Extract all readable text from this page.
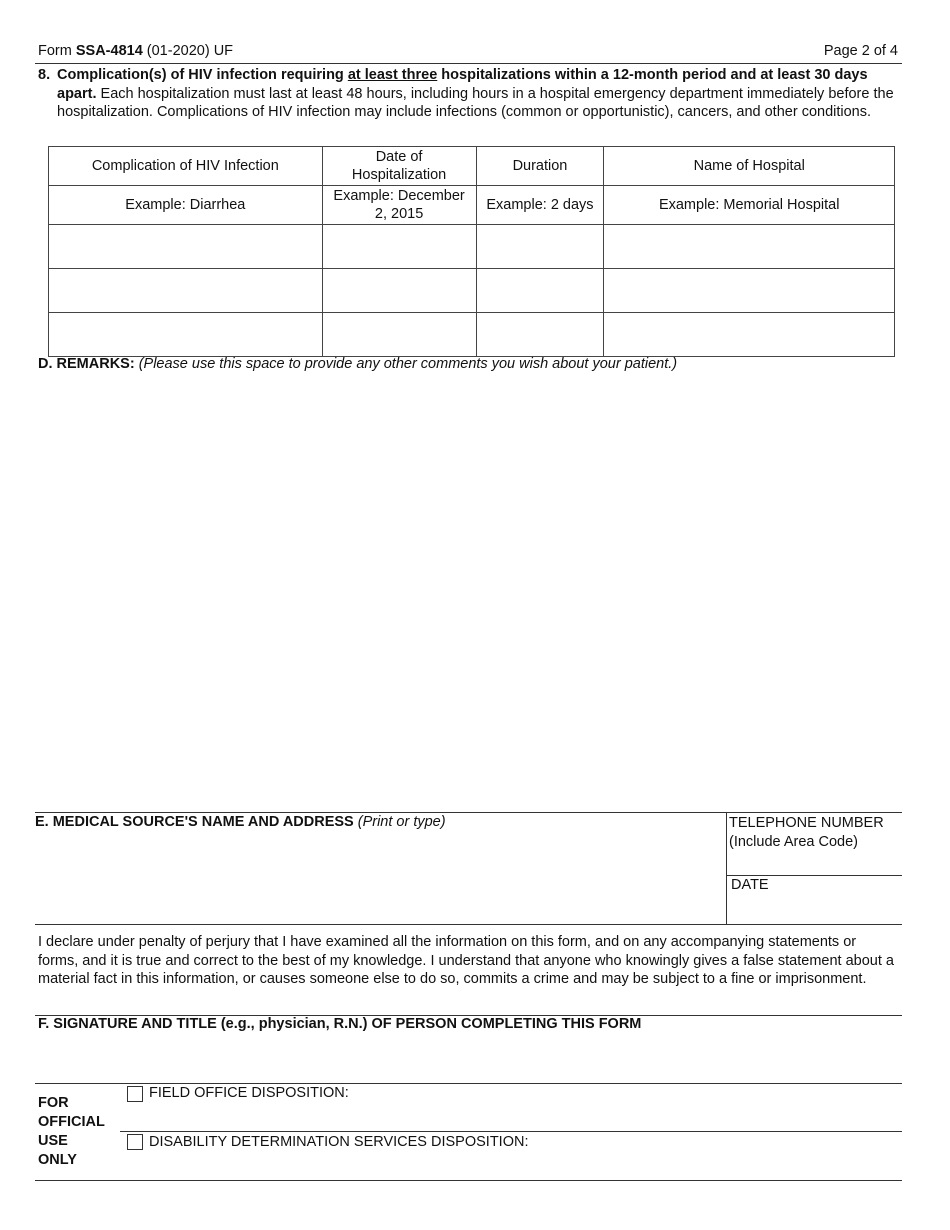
Form SSA-4814 (01-2020) UF	Page 2 of 4
8. Complication(s) of HIV infection requiring at least three hospitalizations within a 12-month period and at least 30 days apart. Each hospitalization must last at least 48 hours, including hours in a hospital emergency department immediately before the hospitalization. Complications of HIV infection may include infections (common or opportunistic), cancers, and other conditions.
Complication of HIV Infection	Date of Hospitalization	Duration	Name of Hospital
Example: Diarrhea	Example: December 2, 2015	Example: 2 days	Example: Memorial Hospital

D. REMARKS: (Please use this space to provide any other comments you wish about your patient.)
E. MEDICAL SOURCE'S NAME AND ADDRESS (Print or type)	TELEPHONE NUMBER
(Include Area Code)
DATE
I declare under penalty of perjury that I have examined all the information on this form, and on any accompanying statements or forms, and it is true and correct to the best of my knowledge. I understand that anyone who knowingly gives a false statement about a material fact in this information, or causes someone else to do so, commits a crime and may be subject to a fine or imprisonment.
F. SIGNATURE AND TITLE (e.g., physician, R.N.) OF PERSON COMPLETING THIS FORM
FOR
OFFICIAL
USE
ONLY
FIELD OFFICE DISPOSITION:
DISABILITY DETERMINATION SERVICES DISPOSITION:
